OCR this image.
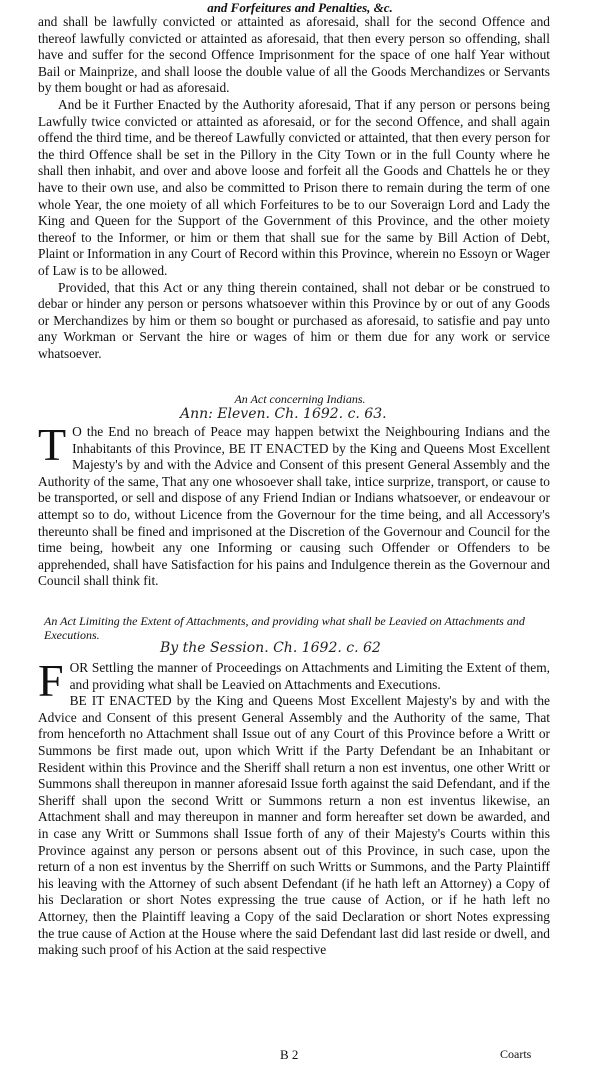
and Forfeitures and Penalties, &c.

and shall be lawfully convicted or attainted as aforesaid, shall for the second Offence and thereof lawfully convicted or attainted as aforesaid, that then every person so offending, shall have and suffer for the second Offence Imprisonment for the space of one half Year without Bail or Mainprize, and shall loose the double value of all the Goods Merchandizes or Servants by them bought or had as aforesaid.

And be it Further Enacted by the Authority aforesaid, That if any person or persons being Lawfully twice convicted or attainted as aforesaid, or for the second Offence, and shall again offend the third time, and be thereof Lawfully convicted or attainted, that then every person for the third Offence shall be set in the Pillory in the City Town or in the full County where he shall then inhabit, and over and above loose and forfeit all the Goods and Chattels he or they have to their own use, and also be committed to Prison there to remain during the term of one whole Year, the one moiety of all which Forfeitures to be to our Soveraign Lord and Lady the King and Queen for the Support of the Government of this Province, and the other moiety thereof to the Informer, or him or them that shall sue for the same by Bill Action of Debt, Plaint or Information in any Court of Record within this Province, wherein no Essoyn or Wager of Law is to be allowed.

Provided, that this Act or any thing therein contained, shall not debar or be construed to debar or hinder any person or persons whatsoever within this Province by or out of any Goods or Merchandizes by him or them so bought or purchased as aforesaid, to satisfie and pay unto any Workman or Servant the hire or wages of him or them due for any work or service whatsoever.

An Act concerning Indians.
Ann: Eleven. Ch. 1692. c. 63.
T O the End no breach of Peace may happen betwixt the Neighbouring Indians and the Inhabitants of this Province, BE IT ENACTED by the King and Queens Most Excellent Majesty's by and with the Advice and Consent of this present General Assembly and the Authority of the same, That any one whosoever shall take, intice surprize, transport, or cause to be transported, or sell and dispose of any Friend Indian or Indians whatsoever, or endeavour or attempt so to do, without Licence from the Governour for the time being, and all Accessory's thereunto shall be fined and imprisoned at the Discretion of the Governour and Council for the time being, howbeit any one Informing or causing such Offender or Offenders to be apprehended, shall have Satisfaction for his pains and Indulgence therein as the Governour and Council shall think fit.

An Act Limiting the Extent of Attachments, and providing what shall be Leavied on Attachments and Executions.
By the Session. Ch. 1692. c. 62
F OR Settling the manner of Proceedings on Attachments and Limiting the Extent of them, and providing what shall be Leavied on Attachments and Executions.

BE IT ENACTED by the King and Queens Most Excellent Majesty's by and with the Advice and Consent of this present General Assembly and the Authority of the same, That from henceforth no Attachment shall Issue out of any Court of this Province before a Writt or Summons be first made out, upon which Writt if the Party Defendant be an Inhabitant or Resident within this Province and the Sheriff shall return a non est inventus, one other Writt or Summons shall thereupon in manner aforesaid Issue forth against the said Defendant, and if the Sheriff shall upon the second Writt or Summons return a non est inventus likewise, an Attachment shall and may thereupon in manner and form hereafter set down be awarded, and in case any Writt or Summons shall Issue forth of any of their Majesty's Courts within this Province against any person or persons absent out of this Province, in such case, upon the return of a non est inventus by the Sherriff on such Writts or Summons, and the Party Plaintiff his leaving with the Attorney of such absent Defendant (if he hath left an Attorney) a Copy of his Declaration or short Notes expressing the true cause of Action, or if he hath left no Attorney, then the Plaintiff leaving a Copy of the said Declaration or short Notes expressing the true cause of Action at the House where the said Defendant last did last reside or dwell, and making such proof of his Action at the said respective

B 2	Coarts
